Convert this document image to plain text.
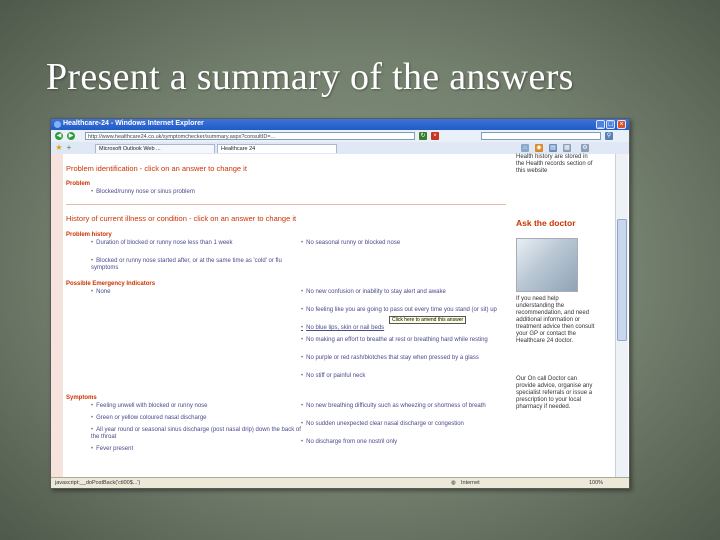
Present a summary of the answers
Healthcare-24 - Windows Internet Explorer	_ □ ×
◀ ▶	http://www.healthcare24.co.uk/symptomchecker/summary.aspx?consultID=...	↻	×	⚲
★ +	Microsoft Outlook Web ...	Healthcare 24	⌂	◉ ▤ ▦ ⚙
Problem identification - click on an answer to change it
Problem
• Blocked/runny nose or sinus problem
History of current illness or condition - click on an answer to change it
Problem history
• Duration of blocked or runny nose less than 1 week
• Blocked or runny nose started after, or at the same time as 'cold' or flu symptoms
• No seasonal runny or blocked nose
Possible Emergency Indicators
• None	• No new confusion or inability to stay alert and awake
• No feeling like you are going to pass out every time you stand (or sit) up
• No blue lips, skin or nail beds
• No making an effort to breathe at rest or breathing hard while resting
• No purple or red rash/blotches that stay when pressed by a glass
• No stiff or painful neck
Symptoms
• Feeling unwell with blocked or runny nose
• Green or yellow coloured nasal discharge
• All year round or seasonal sinus discharge (post nasal drip) down the back of the throat
• Fever present
• No new breathing difficulty such as wheezing or shortness of breath
• No sudden unexpected clear nasal discharge or congestion
• No discharge from one nostril only
Health history are stored in the Health records section of this website
Ask the doctor
If you need help understanding the recommendation, and need additional information or treatment advice then consult your GP or contact the Healthcare 24 doctor.
Our On call Doctor can provide advice, organise any specialist referrals or issue a prescription to your local pharmacy if needed.
Click here to amend this answer
javascript:__doPostBack('ctl00$...')	◍ Internet	100%
